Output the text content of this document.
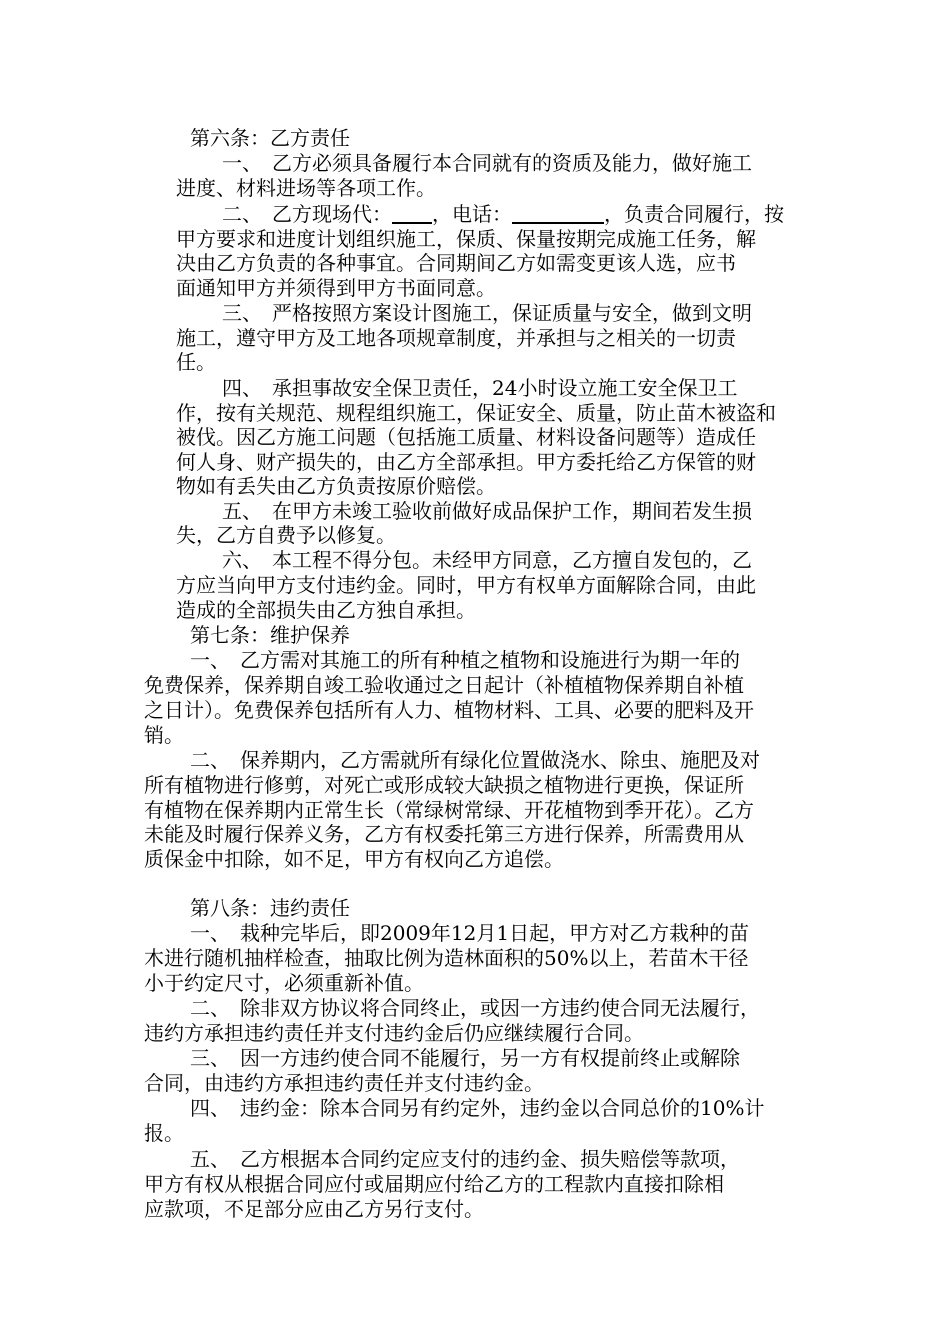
第六条：乙方责任
一、　乙方必须具备履行本合同就有的资质及能力，做好施工
进度、材料进场等各项工作。
二、　乙方现场代： ，电话：	，负责合同履行，按
甲方要求和进度计划组织施工，保质、保量按期完成施工任务，解
决由乙方负责的各种事宜。合同期间乙方如需变更该人选，应书
面通知甲方并须得到甲方书面同意。
三、　严格按照方案设计图施工，保证质量与安全，做到文明
施工，遵守甲方及工地各项规章制度，并承担与之相关的一切责
任。
四、　承担事故安全保卫责任，24小时设立施工安全保卫工
作，按有关规范、规程组织施工，保证安全、质量，防止苗木被盗和
被伐。因乙方施工问题（包括施工质量、材料设备问题等）造成任
何人身、财产损失的，由乙方全部承担。甲方委托给乙方保管的财
物如有丢失由乙方负责按原价赔偿。
五、　在甲方未竣工验收前做好成品保护工作，期间若发生损
失，乙方自费予以修复。
六、　本工程不得分包。未经甲方同意，乙方擅自发包的，乙
方应当向甲方支付违约金。同时，甲方有权单方面解除合同，由此
造成的全部损失由乙方独自承担。
第七条：维护保养
一、　乙方需对其施工的所有种植之植物和设施进行为期一年的
免费保养，保养期自竣工验收通过之日起计（补植植物保养期自补植
之日计）。免费保养包括所有人力、植物材料、工具、必要的肥料及开
销。
二、　保养期内，乙方需就所有绿化位置做浇水、除虫、施肥及对
所有植物进行修剪，对死亡或形成较大缺损之植物进行更换，保证所
有植物在保养期内正常生长（常绿树常绿、开花植物到季开花）。乙方
未能及时履行保养义务，乙方有权委托第三方进行保养，所需费用从
质保金中扣除，如不足，甲方有权向乙方追偿。
第八条：违约责任
一、　栽种完毕后，即2009年12月1日起，甲方对乙方栽种的苗
木进行随机抽样检查，抽取比例为造林面积的50%以上，若苗木干径
小于约定尺寸，必须重新补值。
二、　除非双方协议将合同终止，或因一方违约使合同无法履行，
违约方承担违约责任并支付违约金后仍应继续履行合同。
三、　因一方违约使合同不能履行，另一方有权提前终止或解除
合同，由违约方承担违约责任并支付违约金。
四、　违约金：除本合同另有约定外，违约金以合同总价的10%计
报。
五、　乙方根据本合同约定应支付的违约金、损失赔偿等款项，
甲方有权从根据合同应付或届期应付给乙方的工程款内直接扣除相
应款项，不足部分应由乙方另行支付。
